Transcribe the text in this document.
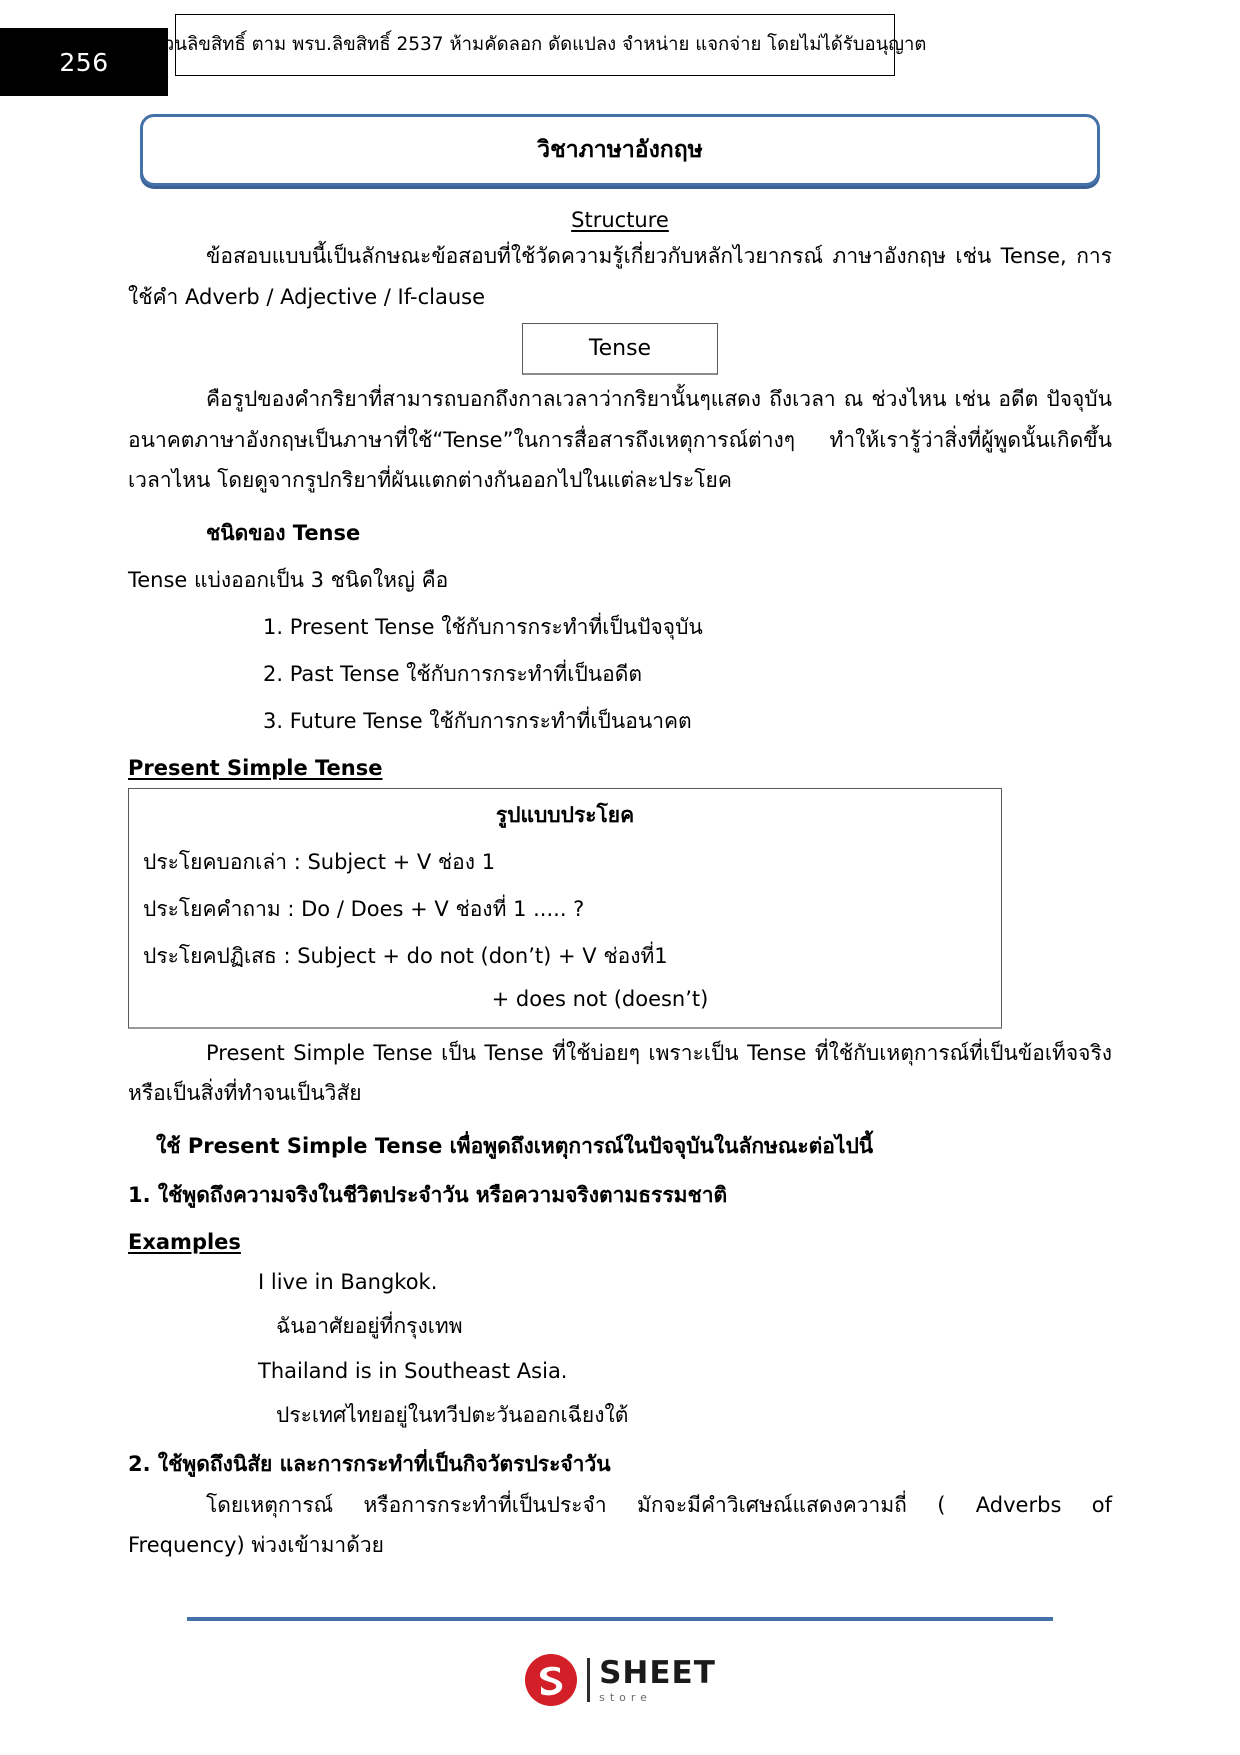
256
สงวนลิขสิทธิ์ ตาม พรบ.ลิขสิทธิ์ 2537 ห้ามคัดลอก ดัดแปลง จำหน่าย แจกจ่าย โดยไม่ได้รับอนุญาต
วิชาภาษาอังกฤษ
Structure
ข้อสอบแบบนี้เป็นลักษณะข้อสอบที่ใช้วัดความรู้เกี่ยวกับหลักไวยากรณ์ ภาษาอังกฤษ เช่น Tense, การใช้คำ Adverb / Adjective / If-clause
Tense
คือรูปของคำกริยาที่สามารถบอกถึงกาลเวลาว่ากริยานั้นๆแสดง ถึงเวลา ณ ช่วงไหน เช่น อดีต ปัจจุบัน อนาคตภาษาอังกฤษเป็นภาษาที่ใช้“Tense”ในการสื่อสารถึงเหตุการณ์ต่างๆ ทำให้เรารู้ว่าสิ่งที่ผู้พูดนั้นเกิดขึ้นเวลาไหน โดยดูจากรูปกริยาที่ผันแตกต่างกันออกไปในแต่ละประโยค
ชนิดของ Tense
Tense แบ่งออกเป็น 3 ชนิดใหญ่ คือ
1. Present Tense ใช้กับการกระทำที่เป็นปัจจุบัน
2. Past Tense ใช้กับการกระทำที่เป็นอดีต
3. Future Tense ใช้กับการกระทำที่เป็นอนาคต
Present Simple Tense
รูปแบบประโยค
ประโยคบอกเล่า : Subject + V ช่อง 1
ประโยคคำถาม : Do / Does + V ช่องที่ 1 ..... ?
ประโยคปฏิเสธ : Subject + do not (don’t) + V ช่องที่1
+ does not (doesn’t)
Present Simple Tense เป็น Tense ที่ใช้บ่อยๆ เพราะเป็น Tense ที่ใช้กับเหตุการณ์ที่เป็นข้อเท็จจริงหรือเป็นสิ่งที่ทำจนเป็นวิสัย
ใช้ Present Simple Tense เพื่อพูดถึงเหตุการณ์ในปัจจุบันในลักษณะต่อไปนี้
1. ใช้พูดถึงความจริงในชีวิตประจำวัน หรือความจริงตามธรรมชาติ
Examples
I live in Bangkok.
ฉันอาศัยอยู่ที่กรุงเทพ
Thailand is in Southeast Asia.
ประเทศไทยอยู่ในทวีปตะวันออกเฉียงใต้
2. ใช้พูดถึงนิสัย และการกระทำที่เป็นกิจวัตรประจำวัน
โดยเหตุการณ์ หรือการกระทำที่เป็นประจำ มักจะมีคำวิเศษณ์แสดงความถี่ ( Adverbs of Frequency) พ่วงเข้ามาด้วย
SHEET
store
